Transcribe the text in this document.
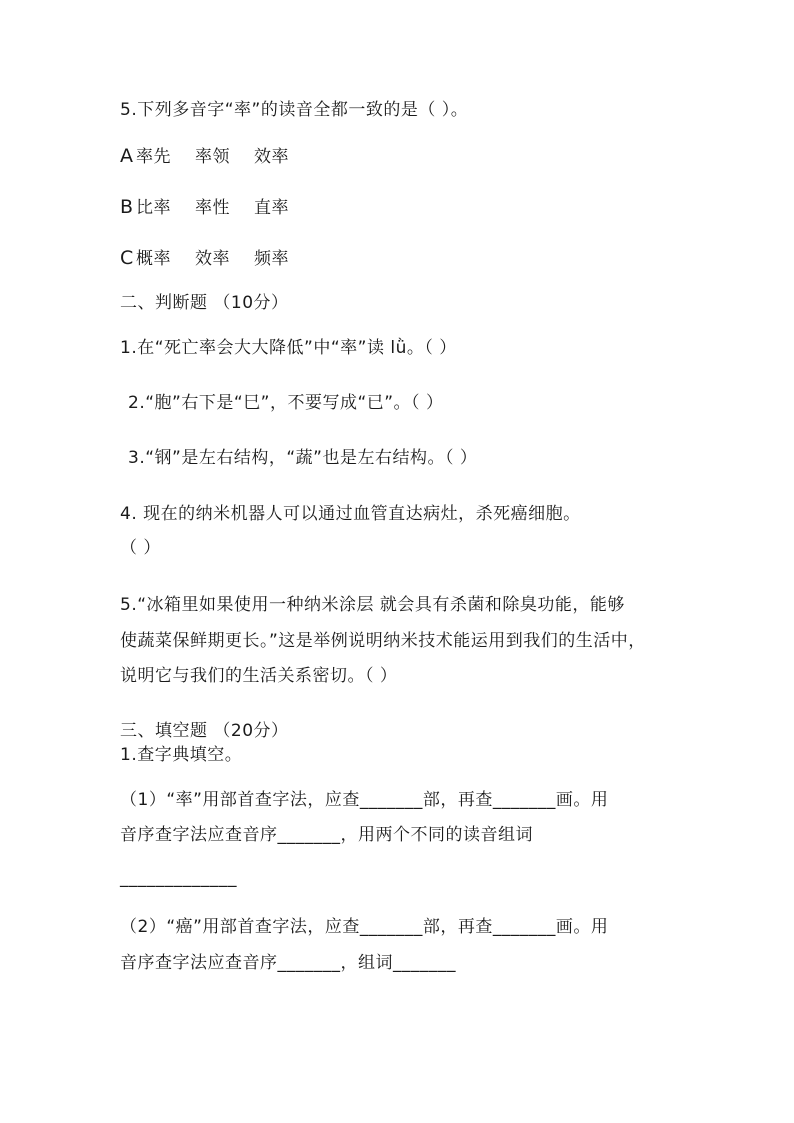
5.下列多音字“率”的读音全都一致的是（ ）。
A 率先 率领 效率
B 比率 率性 直率
C 概率 效率 频率
二、判断题 （10分）
1.在“死亡率会大大降低”中“率”读 lǜ。（ ）
2.“胞”右下是“巳”，不要写成“已”。（ ）
3.“钢”是左右结构，“蔬”也是左右结构。（ ）
4. 现在的纳米机器人可以通过血管直达病灶，杀死癌细胞。
（ ）
5.“冰箱里如果使用一种纳米涂层 就会具有杀菌和除臭功能，能够
使蔬菜保鲜期更长。”这是举例说明纳米技术能运用到我们的生活中，
说明它与我们的生活关系密切。（ ）
三、填空题 （20分）
1.查字典填空。
（1）“率”用部首查字法，应查_______部，再查_______画。用
音序查字法应查音序_______，用两个不同的读音组词
_____________
（2）“癌”用部首查字法，应查_______部，再查_______画。用
音序查字法应查音序_______，组词_______
